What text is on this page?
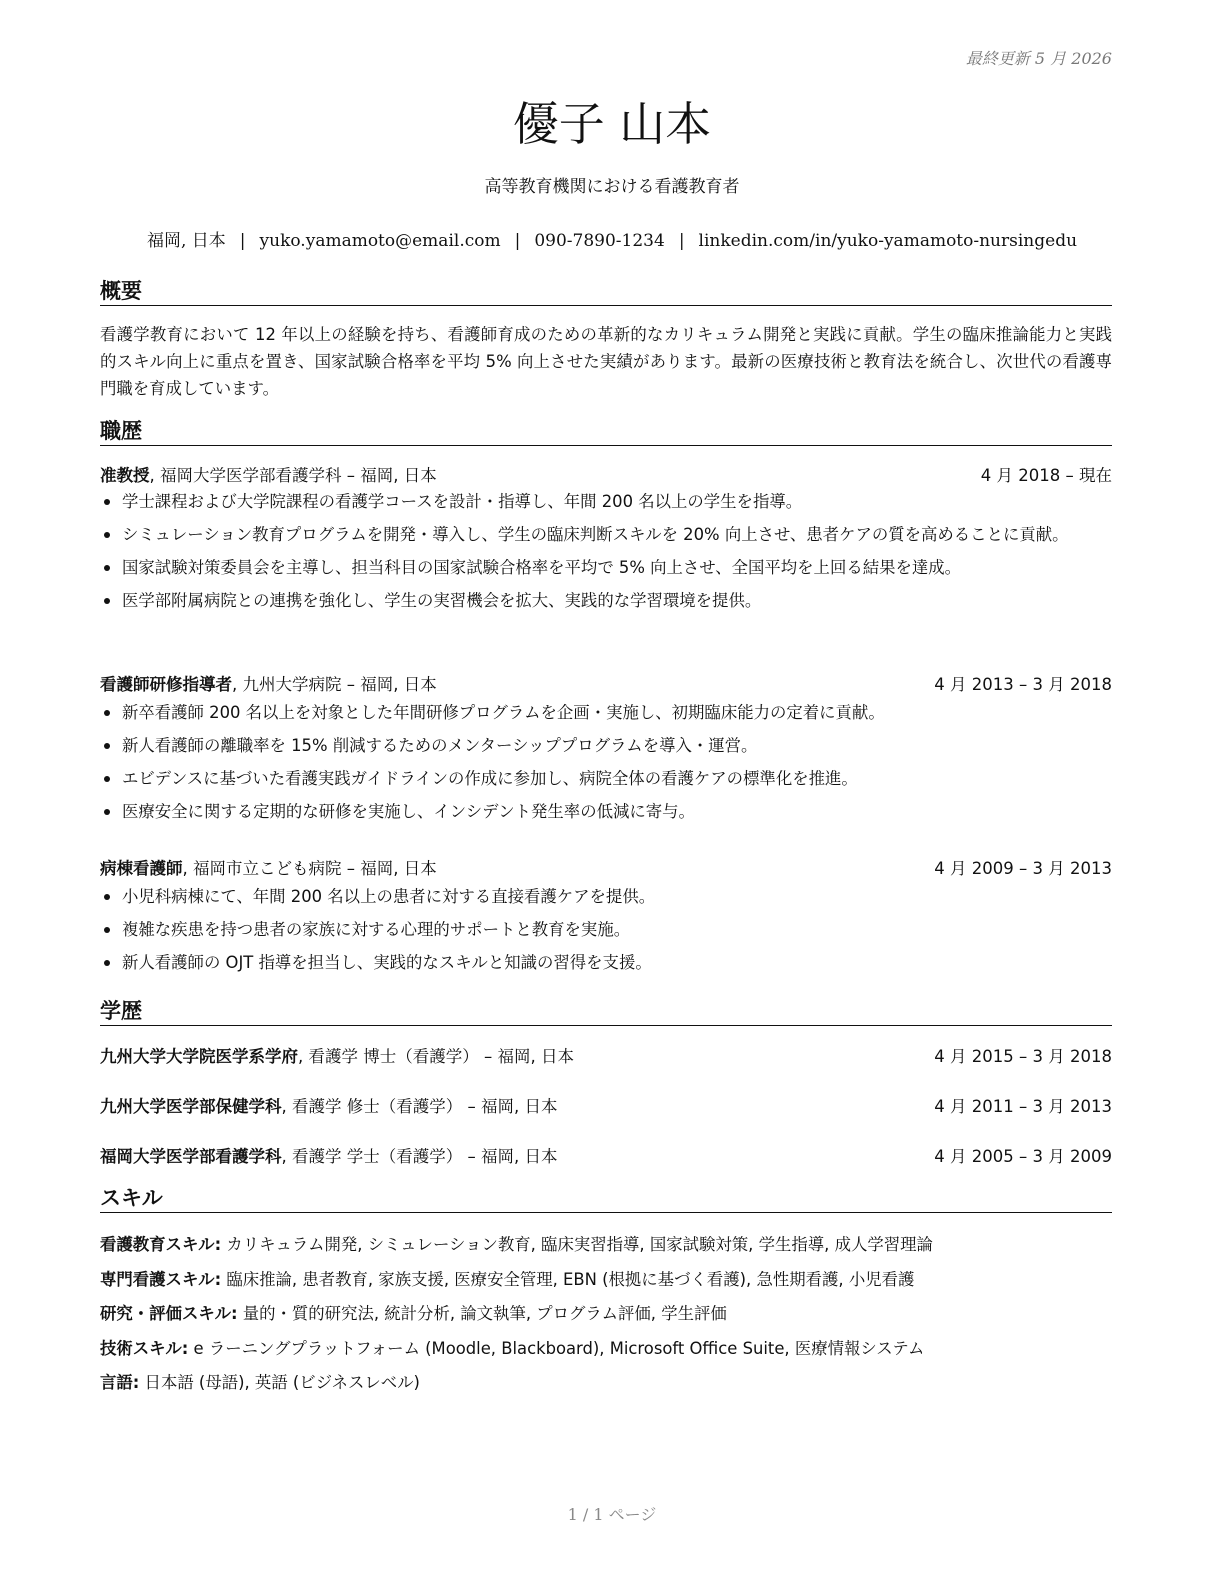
最終更新 5 月 2026
優子 山本
高等教育機関における看護教育者
福岡, 日本 | yuko.yamamoto@email.com | 090-7890-1234 | linkedin.com/in/yuko-yamamoto-nursingedu
概要
看護学教育において 12 年以上の経験を持ち、看護師育成のための革新的なカリキュラム開発と実践に貢献。学生の臨床推論能力と実践的スキル向上に重点を置き、国家試験合格率を平均 5% 向上させた実績があります。最新の医療技術と教育法を統合し、次世代の看護専門職を育成しています。
職歴
准教授, 福岡大学医学部看護学科 – 福岡, 日本	4 月 2018 – 現在
学士課程および大学院課程の看護学コースを設計・指導し、年間 200 名以上の学生を指導。
シミュレーション教育プログラムを開発・導入し、学生の臨床判断スキルを 20% 向上させ、患者ケアの質を高めることに貢献。
国家試験対策委員会を主導し、担当科目の国家試験合格率を平均で 5% 向上させ、全国平均を上回る結果を達成。
医学部附属病院との連携を強化し、学生の実習機会を拡大、実践的な学習環境を提供。
看護師研修指導者, 九州大学病院 – 福岡, 日本	4 月 2013 – 3 月 2018
新卒看護師 200 名以上を対象とした年間研修プログラムを企画・実施し、初期臨床能力の定着に貢献。
新人看護師の離職率を 15% 削減するためのメンターシッププログラムを導入・運営。
エビデンスに基づいた看護実践ガイドラインの作成に参加し、病院全体の看護ケアの標準化を推進。
医療安全に関する定期的な研修を実施し、インシデント発生率の低減に寄与。
病棟看護師, 福岡市立こども病院 – 福岡, 日本	4 月 2009 – 3 月 2013
小児科病棟にて、年間 200 名以上の患者に対する直接看護ケアを提供。
複雑な疾患を持つ患者の家族に対する心理的サポートと教育を実施。
新人看護師の OJT 指導を担当し、実践的なスキルと知識の習得を支援。
学歴
九州大学大学院医学系学府, 看護学 博士（看護学） – 福岡, 日本	4 月 2015 – 3 月 2018
九州大学医学部保健学科, 看護学 修士（看護学） – 福岡, 日本	4 月 2011 – 3 月 2013
福岡大学医学部看護学科, 看護学 学士（看護学） – 福岡, 日本	4 月 2005 – 3 月 2009
スキル
看護教育スキル: カリキュラム開発, シミュレーション教育, 臨床実習指導, 国家試験対策, 学生指導, 成人学習理論
専門看護スキル: 臨床推論, 患者教育, 家族支援, 医療安全管理, EBN (根拠に基づく看護), 急性期看護, 小児看護
研究・評価スキル: 量的・質的研究法, 統計分析, 論文執筆, プログラム評価, 学生評価
技術スキル: e ラーニングプラットフォーム (Moodle, Blackboard), Microsoft Office Suite, 医療情報システム
言語: 日本語 (母語), 英語 (ビジネスレベル)
1 / 1 ページ
